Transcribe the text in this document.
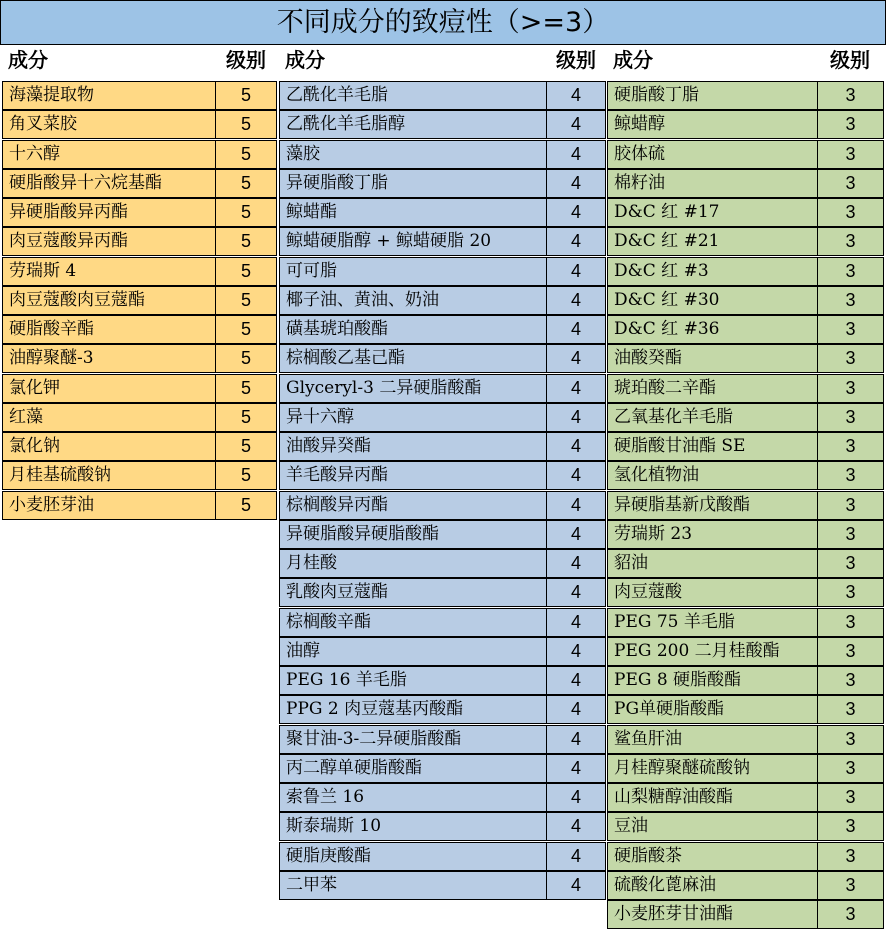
不同成分的致痘性（>=3）
成分	级别 成分	级别 成分	级别
海藻提取物	5
角叉菜胶	5
十六醇	5
硬脂酸异十六烷基酯	5
异硬脂酸异丙酯	5
肉豆蔻酸异丙酯	5
劳瑞斯 4	5
肉豆蔻酸肉豆蔻酯	5
硬脂酸辛酯	5
油醇聚醚-3	5
氯化钾	5
红藻	5
氯化钠	5
月桂基硫酸钠	5
小麦胚芽油	5
乙酰化羊毛脂	4
乙酰化羊毛脂醇	4
藻胶	4
异硬脂酸丁脂	4
鲸蜡酯	4
鲸蜡硬脂醇 + 鲸蜡硬脂 20	4
可可脂	4
椰子油、黄油、奶油	4
磺基琥珀酸酯	4
棕榈酸乙基己酯	4
Glyceryl-3 二异硬脂酸酯	4
异十六醇	4
油酸异癸酯	4
羊毛酸异丙酯	4
棕榈酸异丙酯	4
异硬脂酸异硬脂酸酯	4
月桂酸	4
乳酸肉豆蔻酯	4
棕榈酸辛酯	4
油醇	4
PEG 16 羊毛脂	4
PPG 2 肉豆蔻基丙酸酯	4
聚甘油-3-二异硬脂酸酯	4
丙二醇单硬脂酸酯	4
索鲁兰 16	4
斯泰瑞斯 10	4
硬脂庚酸酯	4
二甲苯	4
硬脂酸丁脂	3
鲸蜡醇	3
胶体硫	3
棉籽油	3
D&C 红 #17	3
D&C 红 #21	3
D&C 红 #3	3
D&C 红 #30	3
D&C 红 #36	3
油酸癸酯	3
琥珀酸二辛酯	3
乙氧基化羊毛脂	3
硬脂酸甘油酯 SE	3
氢化植物油	3
异硬脂基新戊酸酯	3
劳瑞斯 23	3
貂油	3
肉豆蔻酸	3
PEG 75 羊毛脂	3
PEG 200 二月桂酸酯	3
PEG 8 硬脂酸酯	3
PG单硬脂酸酯	3
鲨鱼肝油	3
月桂醇聚醚硫酸钠	3
山梨糖醇油酸酯	3
豆油	3
硬脂酸茶	3
硫酸化蓖麻油	3
小麦胚芽甘油酯	3
